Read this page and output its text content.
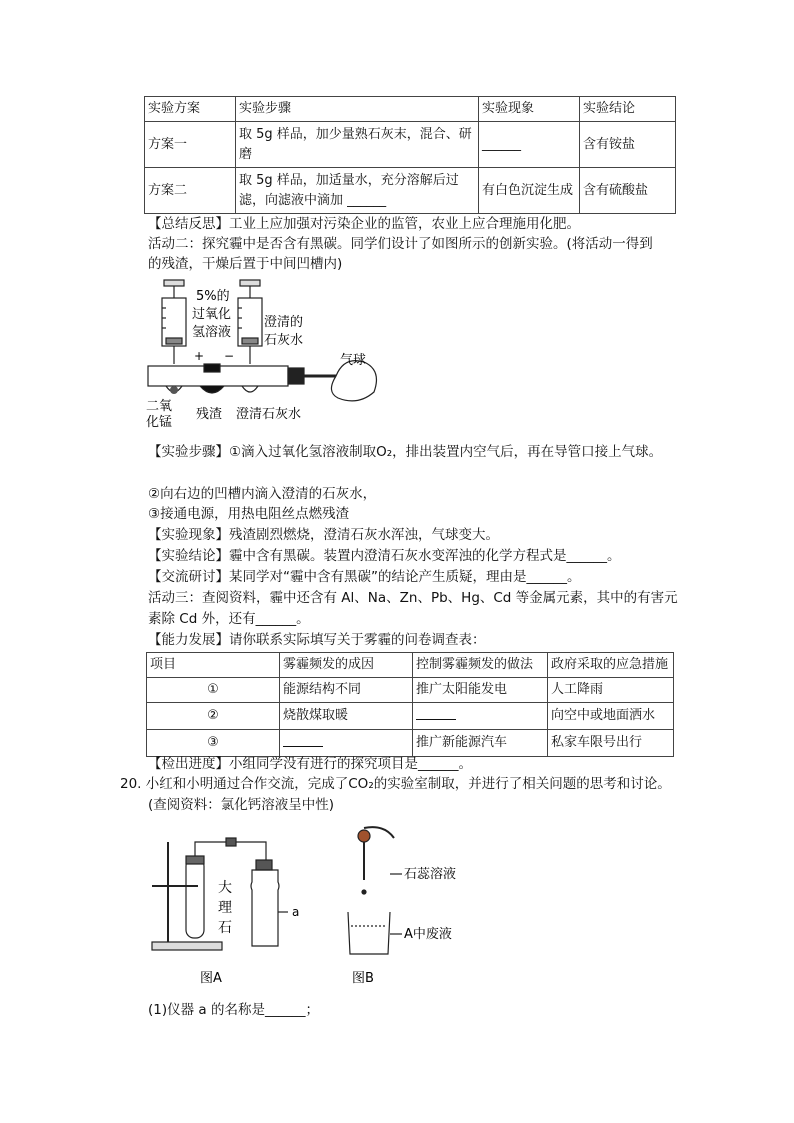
实验方案	实验步骤	实验现象	实验结论
方案一	取 5g 样品，加少量熟石灰末，混合、研磨	______	含有铵盐
方案二	取 5g 样品，加适量水，充分溶解后过滤，向滤液中滴加 ______	有白色沉淀生成	含有硫酸盐
【总结反思】工业上应加强对污染企业的监管，农业上应合理施用化肥。
活动二：探究霾中是否含有黑碳。同学们设计了如图所示的创新实验。(将活动一得到
的残渣，干燥后置于中间凹槽内)
+ −
5%的
过氧化
氢溶液
澄清的
石灰水
气球
二氧
化锰
残渣 澄清石灰水
【实验步骤】①滴入过氧化氢溶液制取O₂，排出装置内空气后，再在导管口接上气球。
②向右边的凹槽内滴入澄清的石灰水，
③接通电源，用热电阻丝点燃残渣
【实验现象】残渣剧烈燃烧，澄清石灰水浑浊，气球变大。
【实验结论】霾中含有黑碳。装置内澄清石灰水变浑浊的化学方程式是______。
【交流研讨】某同学对“霾中含有黑碳”的结论产生质疑，理由是______。
活动三：查阅资料，霾中还含有 Al、Na、Zn、Pb、Hg、Cd 等金属元素，其中的有害元
素除 Cd 外，还有______。
【能力发展】请你联系实际填写关于雾霾的问卷调查表：
项目	雾霾频发的成因	控制雾霾频发的做法	政府采取的应急措施
①	能源结构不同	推广太阳能发电	人工降雨
②	烧散煤取暖		向空中或地面洒水
③		推广新能源汽车	私家车限号出行
【检出进度】小组同学没有进行的探究项目是______。
20. 小红和小明通过合作交流，完成了CO₂的实验室制取，并进行了相关问题的思考和讨论。
(查阅资料：氯化钙溶液呈中性)
大
理
石
a
图A
石蕊溶液
A中废液
图B
(1)仪器 a 的名称是______；
